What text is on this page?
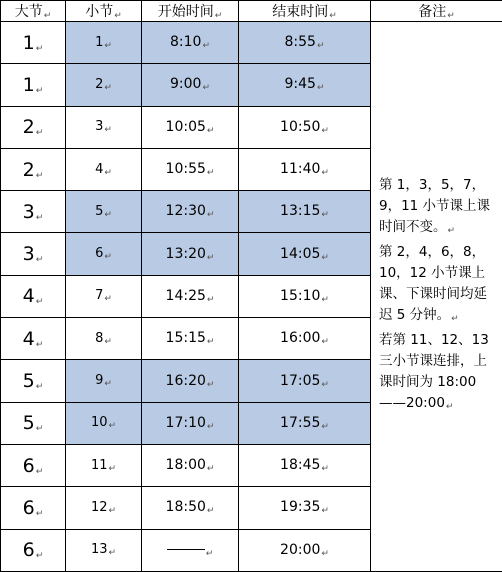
大节↵	小节↵	开始时间↵	结束时间↵	备注↵
1↵	1↵	8:10↵	8:55↵	第 1，3，5，7，9，11 小节课上课时间不变。↵

第 2，4，6，8，10，12 小节课上课、下课时间均延迟 5 分钟。↵

若第 11、12、13 三小节课连排，上课时间为 18:00——20:00↵

1↵	2↵	9:00↵	9:45↵	
2↵	3↵	10:05↵	10:50↵	
2↵	4↵	10:55↵	11:40↵	
3↵	5↵	12:30↵	13:15↵	
3↵	6↵	13:20↵	14:05↵	
4↵	7↵	14:25↵	15:10↵	
4↵	8↵	15:15↵	16:00↵	
5↵	9↵	16:20↵	17:05↵	
5↵	10↵	17:10↵	17:55↵	
6↵	11↵	18:00↵	18:45↵	
6↵	12↵	18:50↵	19:35↵	
6↵	13↵	↵	20:00↵	
